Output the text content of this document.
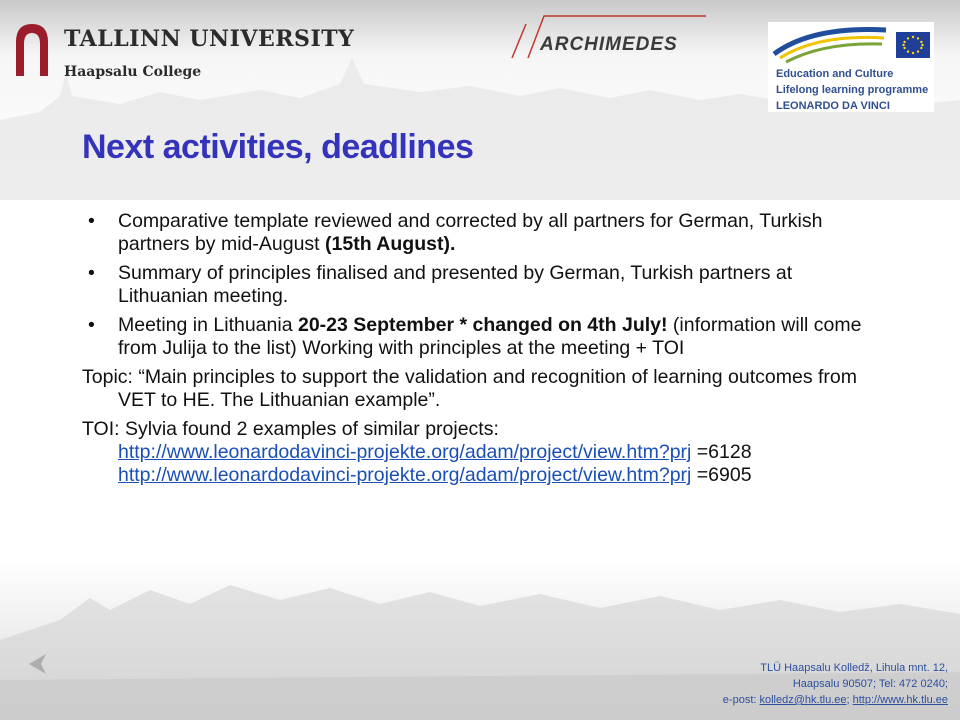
TALLINN UNIVERSITY
Haapsalu College
ARCHIMEDES
Education and Culture
Lifelong learning programme
LEONARDO DA VINCI
Next activities, deadlines
• Comparative template reviewed and corrected by all partners for German, Turkish partners by mid-August (15th August).
• Summary of principles finalised and presented by German, Turkish partners at Lithuanian meeting.
• Meeting in Lithuania 20-23 September * changed on 4th July! (information will come from Julija to the list) Working with principles at the meeting + TOI
Topic: “Main principles to support the validation and recognition of learning outcomes from VET to HE. The Lithuanian example”.
TOI: Sylvia found 2 examples of similar projects:
http://www.leonardodavinci-projekte.org/adam/project/view.htm?prj =6128
http://www.leonardodavinci-projekte.org/adam/project/view.htm?prj =6905
TLÜ Haapsalu Kolledž, Lihula mnt. 12,
Haapsalu 90507; Tel: 472 0240;
e-post: kolledz@hk.tlu.ee; http://www.hk.tlu.ee
